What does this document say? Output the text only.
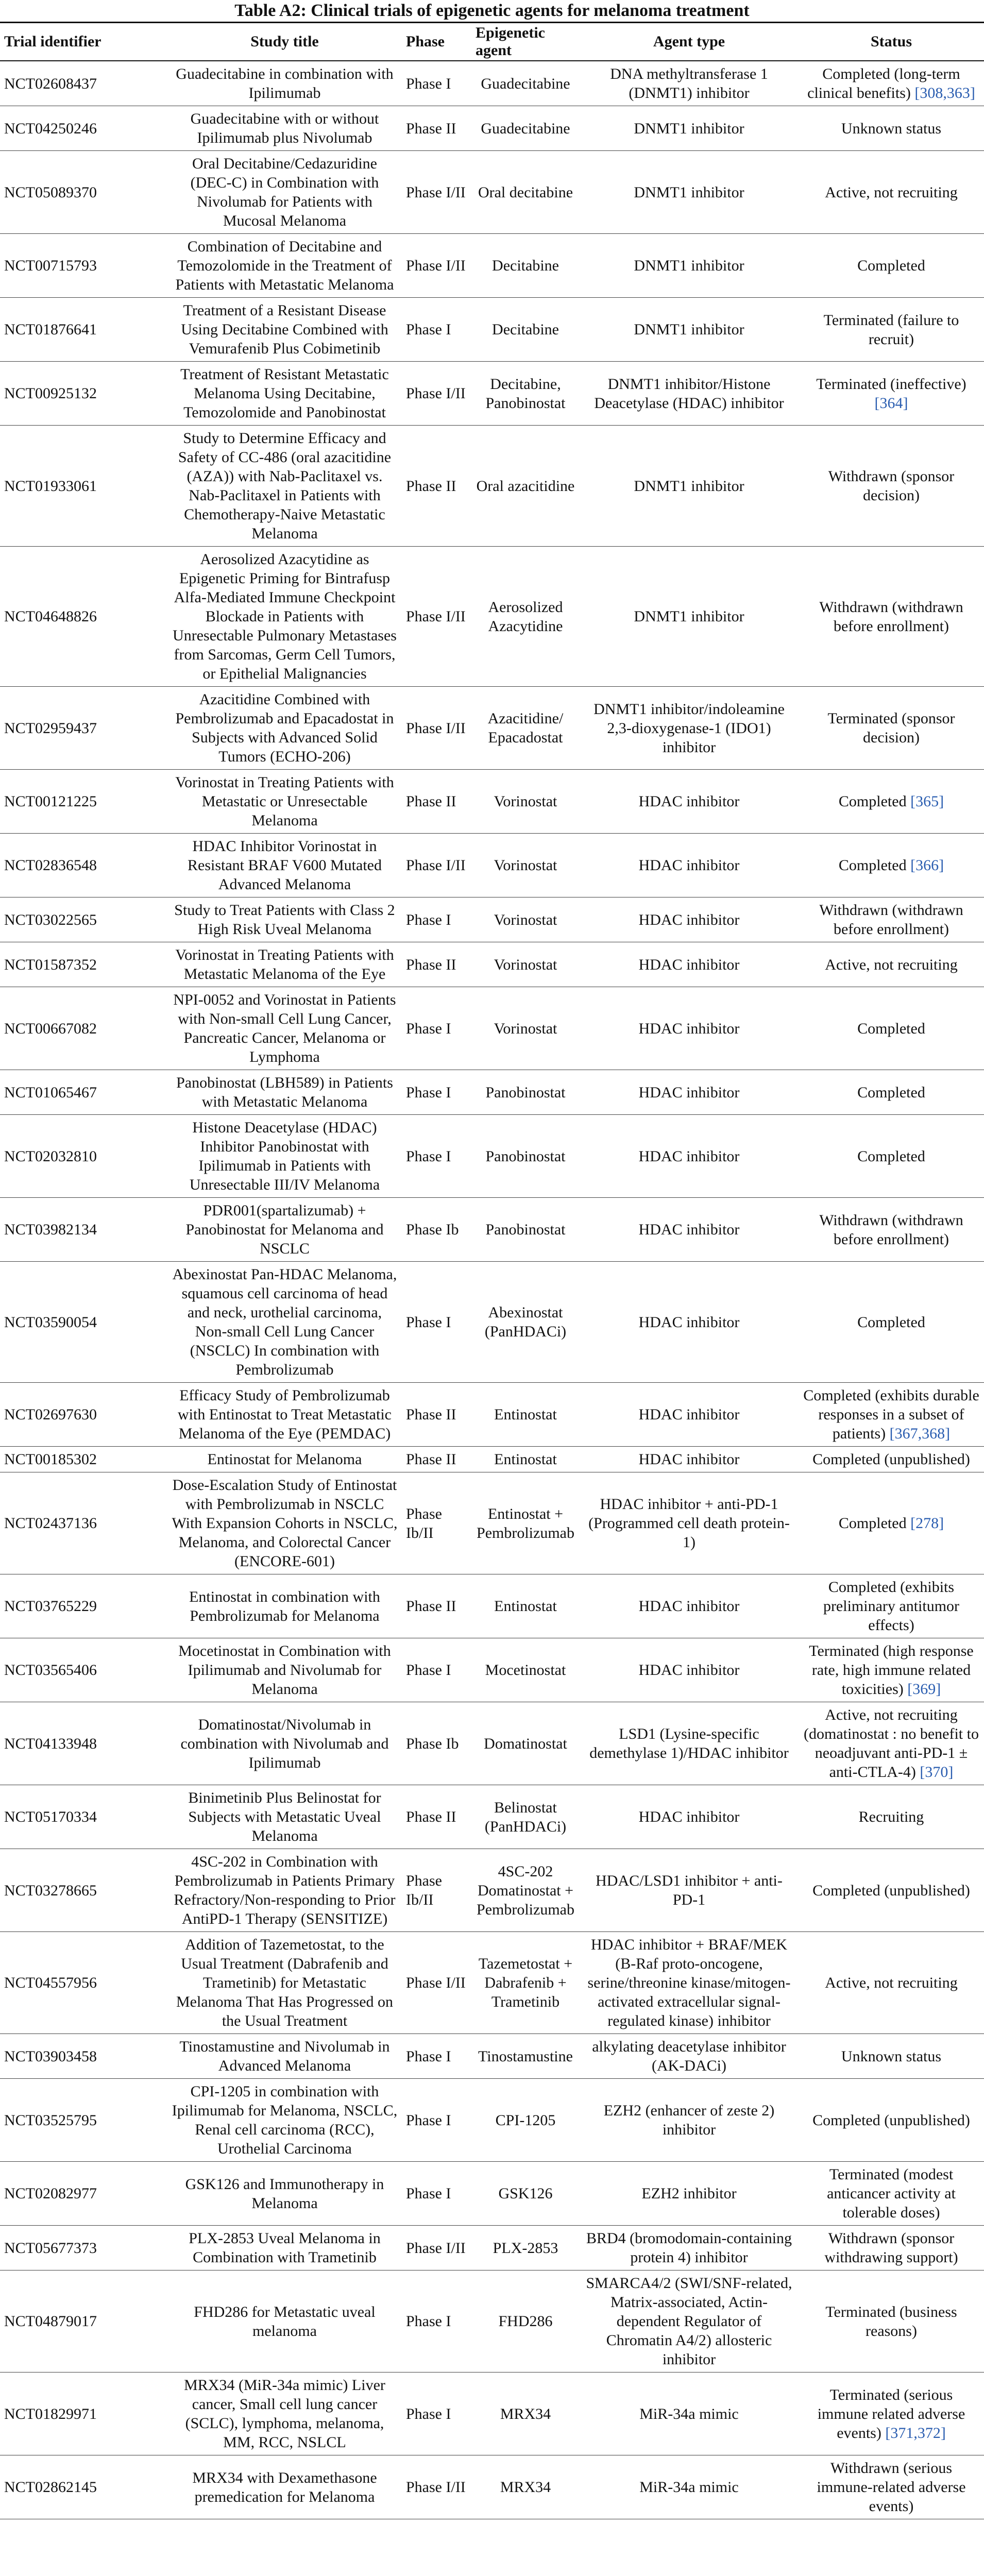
Table A2: Clinical trials of epigenetic agents for melanoma treatment
Trial identifier	Study title	Phase	Epigenetic agent	Agent type	Status
NCT02608437	Guadecitabine in combination with Ipilimumab	Phase I	Guadecitabine	DNA methyltransferase 1 (DNMT1) inhibitor	Completed (long-term clinical benefits) [308,363]
NCT04250246	Guadecitabine with or without Ipilimumab plus Nivolumab	Phase II	Guadecitabine	DNMT1 inhibitor	Unknown status
NCT05089370	Oral Decitabine/Cedazuridine (DEC-C) in Combination with Nivolumab for Patients with Mucosal Melanoma	Phase I/II	Oral decitabine	DNMT1 inhibitor	Active, not recruiting
NCT00715793	Combination of Decitabine and Temozolomide in the Treatment of Patients with Metastatic Melanoma	Phase I/II	Decitabine	DNMT1 inhibitor	Completed
NCT01876641	Treatment of a Resistant Disease Using Decitabine Combined with Vemurafenib Plus Cobimetinib	Phase I	Decitabine	DNMT1 inhibitor	Terminated (failure to recruit)
NCT00925132	Treatment of Resistant Metastatic Melanoma Using Decitabine, Temozolomide and Panobinostat	Phase I/II	Decitabine, Panobinostat	DNMT1 inhibitor/Histone Deacetylase (HDAC) inhibitor	Terminated (ineffective) [364]
NCT01933061	Study to Determine Efficacy and Safety of CC-486 (oral azacitidine (AZA)) with Nab-Paclitaxel vs. Nab-Paclitaxel in Patients with Chemotherapy-Naive Metastatic Melanoma	Phase II	Oral azacitidine	DNMT1 inhibitor	Withdrawn (sponsor decision)
NCT04648826	Aerosolized Azacytidine as Epigenetic Priming for Bintrafusp Alfa-Mediated Immune Checkpoint Blockade in Patients with Unresectable Pulmonary Metastases from Sarcomas, Germ Cell Tumors, or Epithelial Malignancies	Phase I/II	Aerosolized Azacytidine	DNMT1 inhibitor	Withdrawn (withdrawn before enrollment)
NCT02959437	Azacitidine Combined with Pembrolizumab and Epacadostat in Subjects with Advanced Solid Tumors (ECHO-206)	Phase I/II	Azacitidine/ Epacadostat	DNMT1 inhibitor/indoleamine 2,3-dioxygenase-1 (IDO1) inhibitor	Terminated (sponsor decision)
NCT00121225	Vorinostat in Treating Patients with Metastatic or Unresectable Melanoma	Phase II	Vorinostat	HDAC inhibitor	Completed [365]
NCT02836548	HDAC Inhibitor Vorinostat in Resistant BRAF V600 Mutated Advanced Melanoma	Phase I/II	Vorinostat	HDAC inhibitor	Completed [366]
NCT03022565	Study to Treat Patients with Class 2 High Risk Uveal Melanoma	Phase I	Vorinostat	HDAC inhibitor	Withdrawn (withdrawn before enrollment)
NCT01587352	Vorinostat in Treating Patients with Metastatic Melanoma of the Eye	Phase II	Vorinostat	HDAC inhibitor	Active, not recruiting
NCT00667082	NPI-0052 and Vorinostat in Patients with Non-small Cell Lung Cancer, Pancreatic Cancer, Melanoma or Lymphoma	Phase I	Vorinostat	HDAC inhibitor	Completed
NCT01065467	Panobinostat (LBH589) in Patients with Metastatic Melanoma	Phase I	Panobinostat	HDAC inhibitor	Completed
NCT02032810	Histone Deacetylase (HDAC) Inhibitor Panobinostat with Ipilimumab in Patients with Unresectable III/IV Melanoma	Phase I	Panobinostat	HDAC inhibitor	Completed
NCT03982134	PDR001(spartalizumab) + Panobinostat for Melanoma and NSCLC	Phase Ib	Panobinostat	HDAC inhibitor	Withdrawn (withdrawn before enrollment)
NCT03590054	Abexinostat Pan-HDAC Melanoma, squamous cell carcinoma of head and neck, urothelial carcinoma, Non-small Cell Lung Cancer (NSCLC) In combination with Pembrolizumab	Phase I	Abexinostat (PanHDACi)	HDAC inhibitor	Completed
NCT02697630	Efficacy Study of Pembrolizumab with Entinostat to Treat Metastatic Melanoma of the Eye (PEMDAC)	Phase II	Entinostat	HDAC inhibitor	Completed (exhibits durable responses in a subset of patients) [367,368]
NCT00185302	Entinostat for Melanoma	Phase II	Entinostat	HDAC inhibitor	Completed (unpublished)
NCT02437136	Dose-Escalation Study of Entinostat with Pembrolizumab in NSCLC With Expansion Cohorts in NSCLC, Melanoma, and Colorectal Cancer (ENCORE-601)	Phase Ib/II	Entinostat + Pembrolizumab	HDAC inhibitor + anti-PD-1 (Programmed cell death protein-1)	Completed [278]
NCT03765229	Entinostat in combination with Pembrolizumab for Melanoma	Phase II	Entinostat	HDAC inhibitor	Completed (exhibits preliminary antitumor effects)
NCT03565406	Mocetinostat in Combination with Ipilimumab and Nivolumab for Melanoma	Phase I	Mocetinostat	HDAC inhibitor	Terminated (high response rate, high immune related toxicities) [369]
NCT04133948	Domatinostat/Nivolumab in combination with Nivolumab and Ipilimumab	Phase Ib	Domatinostat	LSD1 (Lysine-specific demethylase 1)/HDAC inhibitor	Active, not recruiting (domatinostat : no benefit to neoadjuvant anti-PD-1 ± anti-CTLA-4) [370]
NCT05170334	Binimetinib Plus Belinostat for Subjects with Metastatic Uveal Melanoma	Phase II	Belinostat (PanHDACi)	HDAC inhibitor	Recruiting
NCT03278665	4SC-202 in Combination with Pembrolizumab in Patients Primary Refractory/Non-responding to Prior AntiPD-1 Therapy (SENSITIZE)	Phase Ib/II	4SC-202 Domatinostat + Pembrolizumab	HDAC/LSD1 inhibitor + anti-PD-1	Completed (unpublished)
NCT04557956	Addition of Tazemetostat, to the Usual Treatment (Dabrafenib and Trametinib) for Metastatic Melanoma That Has Progressed on the Usual Treatment	Phase I/II	Tazemetostat + Dabrafenib + Trametinib	HDAC inhibitor + BRAF/MEK (B-Raf proto-oncogene, serine/threonine kinase/mitogen-activated extracellular signal-regulated kinase) inhibitor	Active, not recruiting
NCT03903458	Tinostamustine and Nivolumab in Advanced Melanoma	Phase I	Tinostamustine	alkylating deacetylase inhibitor (AK-DACi)	Unknown status
NCT03525795	CPI-1205 in combination with Ipilimumab for Melanoma, NSCLC, Renal cell carcinoma (RCC), Urothelial Carcinoma	Phase I	CPI-1205	EZH2 (enhancer of zeste 2) inhibitor	Completed (unpublished)
NCT02082977	GSK126 and Immunotherapy in Melanoma	Phase I	GSK126	EZH2 inhibitor	Terminated (modest anticancer activity at tolerable doses)
NCT05677373	PLX-2853 Uveal Melanoma in Combination with Trametinib	Phase I/II	PLX-2853	BRD4 (bromodomain-containing protein 4) inhibitor	Withdrawn (sponsor withdrawing support)
NCT04879017	FHD286 for Metastatic uveal melanoma	Phase I	FHD286	SMARCA4/2 (SWI/SNF-related, Matrix-associated, Actin-dependent Regulator of Chromatin A4/2) allosteric inhibitor	Terminated (business reasons)
NCT01829971	MRX34 (MiR-34a mimic) Liver cancer, Small cell lung cancer (SCLC), lymphoma, melanoma, MM, RCC, NSLCL	Phase I	MRX34	MiR-34a mimic	Terminated (serious immune related adverse events) [371,372]
NCT02862145	MRX34 with Dexamethasone premedication for Melanoma	Phase I/II	MRX34	MiR-34a mimic	Withdrawn (serious immune-related adverse events)
